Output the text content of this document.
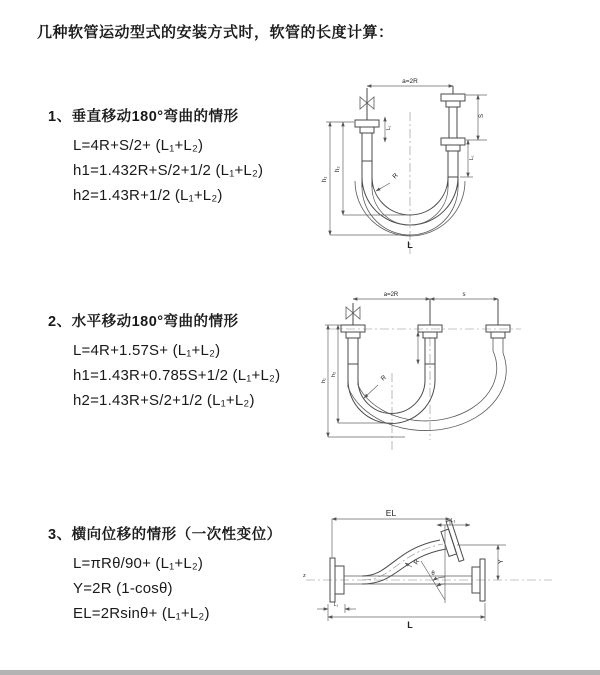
几种软管运动型式的安装方式时，软管的长度计算：
1、垂直移动180°弯曲的情形
L=4R+S/2+ (L₁+L₂)
h1=1.432R+S/2+1/2 (L₁+L₂)
h2=1.43R+1/2 (L₁+L₂)
2、水平移动180°弯曲的情形
L=4R+1.57S+ (L₁+L₂)
h1=1.43R+0.785S+1/2 (L₁+L₂)
h2=1.43R+S/2+1/2 (L₁+L₂)
3、横向位移的情形（一次性变位）
L=πRθ/90+ (L₁+L₂)
Y=2R (1-cosθ)
EL=2Rsinθ+ (L₁+L₂)
a=2R
R
h₁
h₂
L₁
S
L₁
L
a=2R	s
R
h₁
h₂
z
R
θ
EL
L₁
Y
L
L₁
